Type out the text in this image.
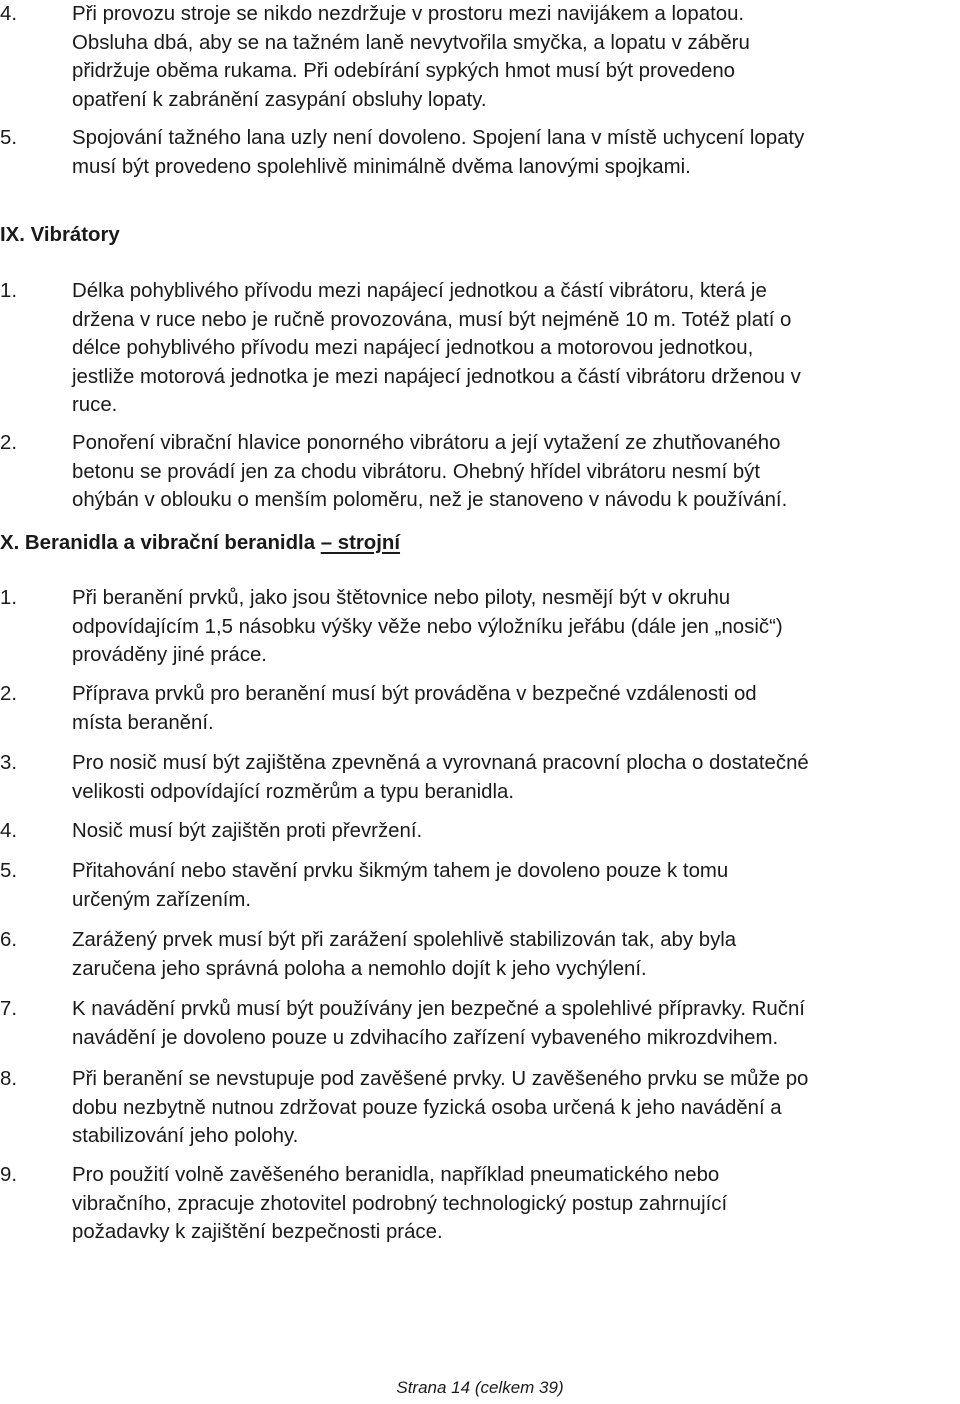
4.	Při provozu stroje se nikdo nezdržuje v prostoru mezi navijákem a lopatou.
Obsluha dbá, aby se na tažném laně nevytvořila smyčka, a lopatu v záběru
přidržuje oběma rukama. Při odebírání sypkých hmot musí být provedeno
opatření k zabránění zasypání obsluhy lopaty.
5.	Spojování tažného lana uzly není dovoleno. Spojení lana v místě uchycení lopaty
musí být provedeno spolehlivě minimálně dvěma lanovými spojkami.
IX. Vibrátory
1.	Délka pohyblivého přívodu mezi napájecí jednotkou a částí vibrátoru, která je
držena v ruce nebo je ručně provozována, musí být nejméně 10 m. Totéž platí o
délce pohyblivého přívodu mezi napájecí jednotkou a motorovou jednotkou,
jestliže motorová jednotka je mezi napájecí jednotkou a částí vibrátoru drženou v
ruce.
2.	Ponoření vibrační hlavice ponorného vibrátoru a její vytažení ze zhutňovaného
betonu se provádí jen za chodu vibrátoru. Ohebný hřídel vibrátoru nesmí být
ohýbán v oblouku o menším poloměru, než je stanoveno v návodu k používání.
X. Beranidla a vibrační beranidla – strojní
1.	Při beranění prvků, jako jsou štětovnice nebo piloty, nesmějí být v okruhu
odpovídajícím 1,5 násobku výšky věže nebo výložníku jeřábu (dále jen „nosič“)
prováděny jiné práce.
2.	Příprava prvků pro beranění musí být prováděna v bezpečné vzdálenosti od
místa beranění.
3.	Pro nosič musí být zajištěna zpevněná a vyrovnaná pracovní plocha o dostatečné
velikosti odpovídající rozměrům a typu beranidla.
4.	Nosič musí být zajištěn proti převržení.
5.	Přitahování nebo stavění prvku šikmým tahem je dovoleno pouze k tomu
určeným zařízením.
6.	Zarážený prvek musí být při zarážení spolehlivě stabilizován tak, aby byla
zaručena jeho správná poloha a nemohlo dojít k jeho vychýlení.
7.	K navádění prvků musí být používány jen bezpečné a spolehlivé přípravky. Ruční
navádění je dovoleno pouze u zdvihacího zařízení vybaveného mikrozdvihem.
8.	Při beranění se nevstupuje pod zavěšené prvky. U zavěšeného prvku se může po
dobu nezbytně nutnou zdržovat pouze fyzická osoba určená k jeho navádění a
stabilizování jeho polohy.
9.	Pro použití volně zavěšeného beranidla, například pneumatického nebo
vibračního, zpracuje zhotovitel podrobný technologický postup zahrnující
požadavky k zajištění bezpečnosti práce.
Strana 14 (celkem 39)
